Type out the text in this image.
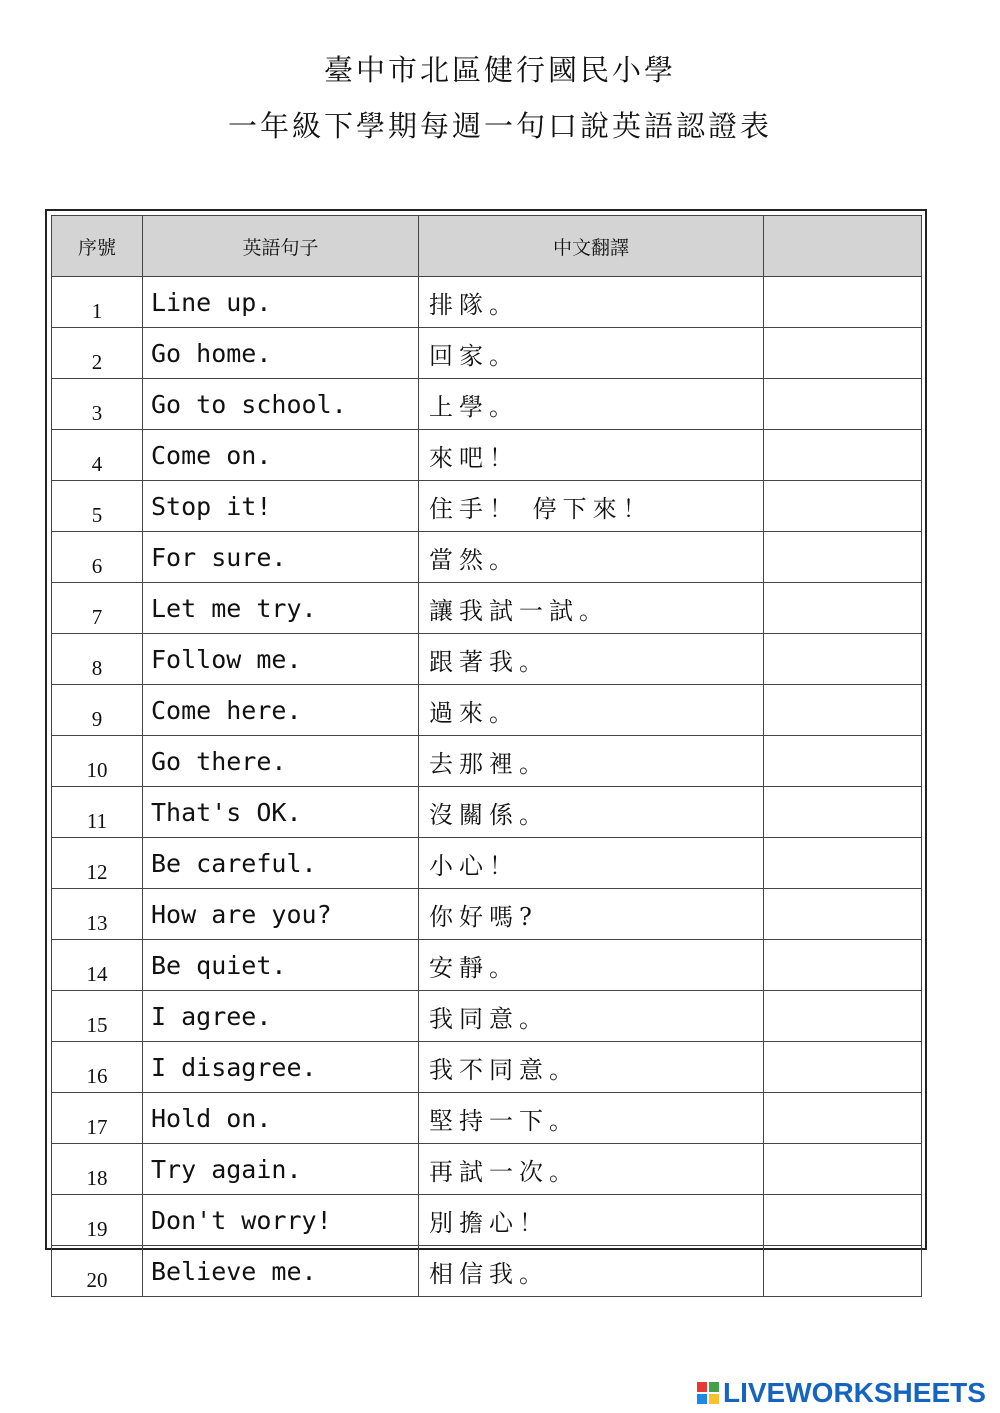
臺中市北區健行國民小學
一年級下學期每週一句口說英語認證表
序號	英語句子	中文翻譯	
1	Line up.	排隊。	
2	Go home.	回家。	
3	Go to school.	上學。	
4	Come on.	來吧！	
5	Stop it!	住手！ 停下來！	
6	For sure.	當然。	
7	Let me try.	讓我試一試。	
8	Follow me.	跟著我。	
9	Come here.	過來。	
10	Go there.	去那裡。	
11	That's OK.	沒關係。	
12	Be careful.	小心！	
13	How are you?	你好嗎?	
14	Be quiet.	安靜。	
15	I agree.	我同意。	
16	I disagree.	我不同意。	
17	Hold on.	堅持一下。	
18	Try again.	再試一次。	
19	Don't worry!	別擔心！	
20	Believe me.	相信我。	
LIVEWORKSHEETS
